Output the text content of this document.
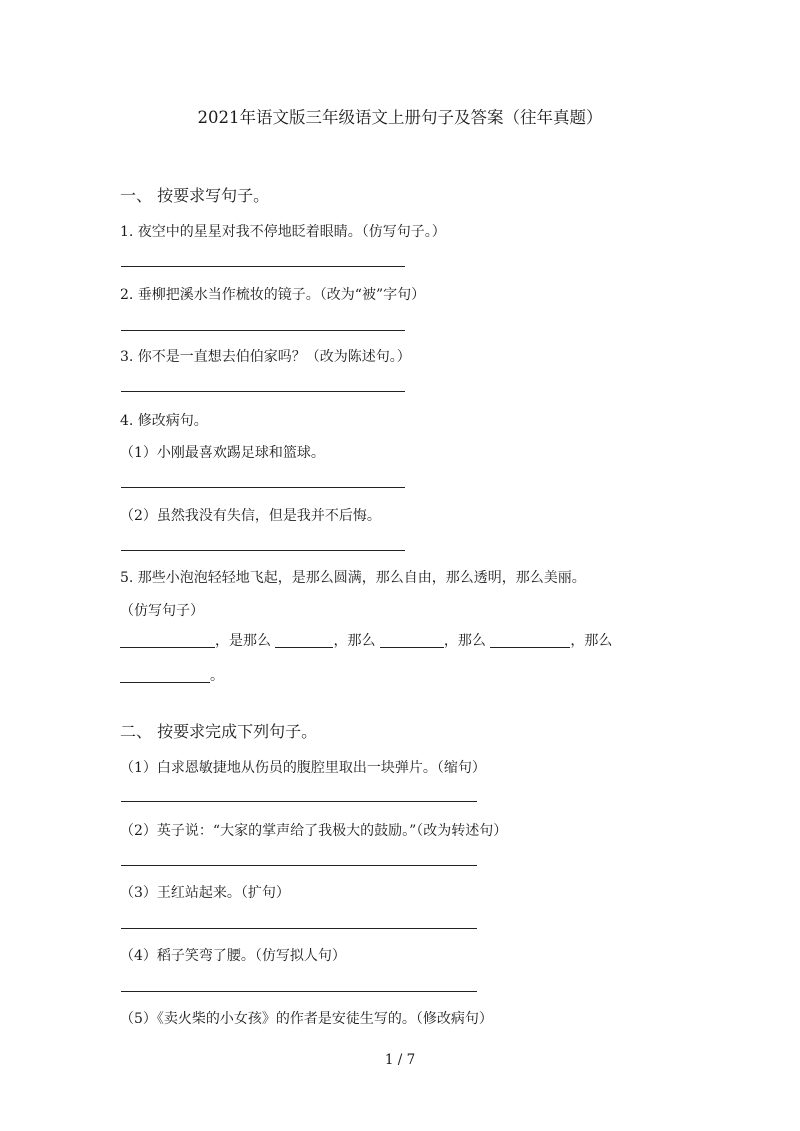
2021年语文版三年级语文上册句子及答案（往年真题）
一、 按要求写句子。
1. 夜空中的星星对我不停地眨着眼睛。（仿写句子。）
2. 垂柳把溪水当作梳妆的镜子。（改为“被”字句）
3. 你不是一直想去伯伯家吗？（改为陈述句。）
4. 修改病句。
（1）小刚最喜欢踢足球和篮球。
（2）虽然我没有失信，但是我并不后悔。
5. 那些小泡泡轻轻地飞起，是那么圆满，那么自由，那么透明，那么美丽。
（仿写句子）
，是那么	，那么	，那么	，那么
。
二、 按要求完成下列句子。
（1）白求恩敏捷地从伤员的腹腔里取出一块弹片。（缩句）
（2）英子说：“大家的掌声给了我极大的鼓励。”（改为转述句）
（3）王红站起来。（扩句）
（4）稻子笑弯了腰。（仿写拟人句）
（5）《卖火柴的小女孩》的作者是安徒生写的。（修改病句）
1 / 7
